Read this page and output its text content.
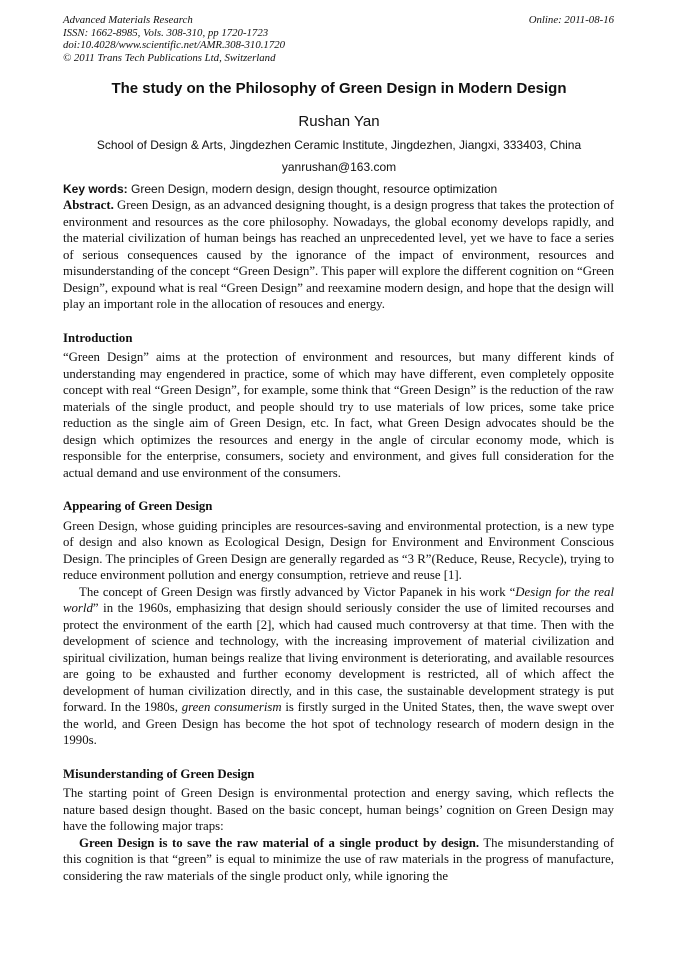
Advanced Materials Research
ISSN: 1662-8985, Vols. 308-310, pp 1720-1723
doi:10.4028/www.scientific.net/AMR.308-310.1720
© 2011 Trans Tech Publications Ltd, Switzerland
Online: 2011-08-16
The study on the Philosophy of Green Design in Modern Design
Rushan Yan
School of Design & Arts, Jingdezhen Ceramic Institute, Jingdezhen, Jiangxi, 333403, China
yanrushan@163.com
Key words: Green Design, modern design, design thought, resource optimization

Abstract. Green Design, as an advanced designing thought, is a design progress that takes the protection of environment and resources as the core philosophy. Nowadays, the global economy develops rapidly, and the material civilization of human beings has reached an unprecedented level, yet we have to face a series of serious consequences caused by the ignorance of the impact of environment, resources and misunderstanding of the concept “Green Design”. This paper will explore the different cognition on “Green Design”, expound what is real “Green Design” and reexamine modern design, and hope that the design will play an important role in the allocation of resouces and energy.

Introduction

“Green Design” aims at the protection of environment and resources, but many different kinds of understanding may engendered in practice, some of which may have different, even completely opposite concept with real “Green Design”, for example, some think that “Green Design” is the reduction of the raw materials of the single product, and people should try to use materials of low prices, some take price reduction as the single aim of Green Design, etc. In fact, what Green Design advocates should be the design which optimizes the resources and energy in the angle of circular economy mode, which is responsible for the enterprise, consumers, society and environment, and gives full consideration for the actual demand and use environment of the consumers.

Appearing of Green Design

Green Design, whose guiding principles are resources-saving and environmental protection, is a new type of design and also known as Ecological Design, Design for Environment and Environment Conscious Design. The principles of Green Design are generally regarded as “3 R”(Reduce, Reuse, Recycle), trying to reduce environment pollution and energy consumption, retrieve and reuse [1].

The concept of Green Design was firstly advanced by Victor Papanek in his work “Design for the real world” in the 1960s, emphasizing that design should seriously consider the use of limited recourses and protect the environment of the earth [2], which had caused much controversy at that time. Then with the development of science and technology, with the increasing improvement of material civilization and spiritual civilization, human beings realize that living environment is deteriorating, and available resources are going to be exhausted and further economy development is restricted, all of which affect the development of human civilization directly, and in this case, the sustainable development strategy is put forward. In the 1980s, green consumerism is firstly surged in the United States, then, the wave swept over the world, and Green Design has become the hot spot of technology research of modern design in the 1990s.

Misunderstanding of Green Design

The starting point of Green Design is environmental protection and energy saving, which reflects the nature based design thought. Based on the basic concept, human beings’ cognition on Green Design may have the following major traps:

Green Design is to save the raw material of a single product by design. The misunderstanding of this cognition is that “green” is equal to minimize the use of raw materials in the progress of manufacture, considering the raw materials of the single product only, while ignoring the
